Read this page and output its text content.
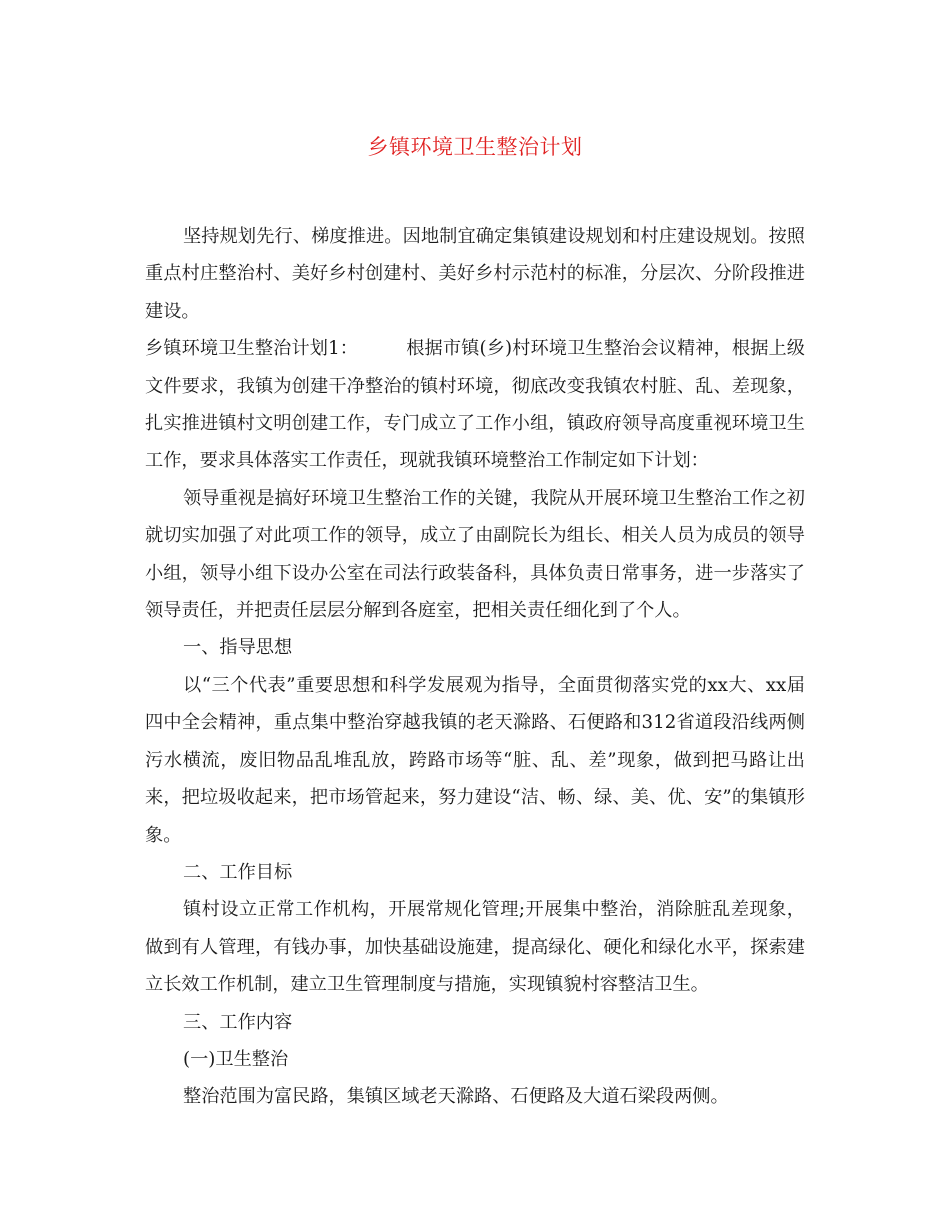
乡镇环境卫生整治计划

坚持规划先行、梯度推进。因地制宜确定集镇建设规划和村庄建设规划。按照重点村庄整治村、美好乡村创建村、美好乡村示范村的标准，分层次、分阶段推进建设。

乡镇环境卫生整治计划1：	根据市镇(乡)村环境卫生整治会议精神，根据上级文件要求，我镇为创建干净整治的镇村环境，彻底改变我镇农村脏、乱、差现象，扎实推进镇村文明创建工作，专门成立了工作小组，镇政府领导高度重视环境卫生工作，要求具体落实工作责任，现就我镇环境整治工作制定如下计划：

领导重视是搞好环境卫生整治工作的关键，我院从开展环境卫生整治工作之初就切实加强了对此项工作的领导，成立了由副院长为组长、相关人员为成员的领导小组，领导小组下设办公室在司法行政装备科，具体负责日常事务，进一步落实了领导责任，并把责任层层分解到各庭室，把相关责任细化到了个人。

一、指导思想

以“三个代表”重要思想和科学发展观为指导，全面贯彻落实党的xx大、xx届四中全会精神，重点集中整治穿越我镇的老天滁路、石便路和312省道段沿线两侧污水横流，废旧物品乱堆乱放，跨路市场等“脏、乱、差”现象，做到把马路让出来，把垃圾收起来，把市场管起来，努力建设“洁、畅、绿、美、优、安”的集镇形象。

二、工作目标

镇村设立正常工作机构，开展常规化管理;开展集中整治，消除脏乱差现象，做到有人管理，有钱办事，加快基础设施建，提高绿化、硬化和绿化水平，探索建立长效工作机制，建立卫生管理制度与措施，实现镇貌村容整洁卫生。

三、工作内容

(一)卫生整治

整治范围为富民路，集镇区域老天滁路、石便路及大道石梁段两侧。
